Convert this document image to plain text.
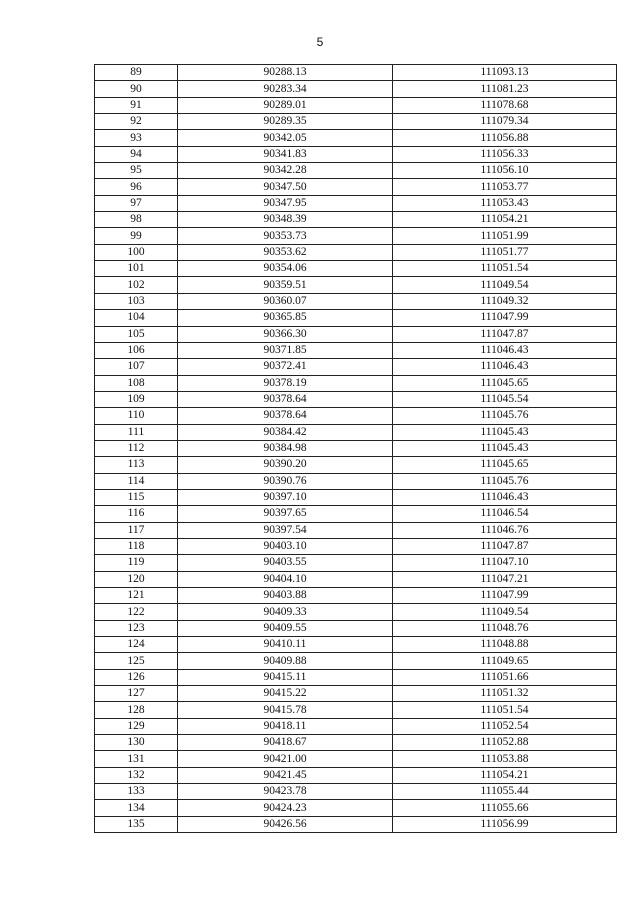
5
89	90288.13	111093.13
90	90283.34	111081.23
91	90289.01	111078.68
92	90289.35	111079.34
93	90342.05	111056.88
94	90341.83	111056.33
95	90342.28	111056.10
96	90347.50	111053.77
97	90347.95	111053.43
98	90348.39	111054.21
99	90353.73	111051.99
100	90353.62	111051.77
101	90354.06	111051.54
102	90359.51	111049.54
103	90360.07	111049.32
104	90365.85	111047.99
105	90366.30	111047.87
106	90371.85	111046.43
107	90372.41	111046.43
108	90378.19	111045.65
109	90378.64	111045.54
110	90378.64	111045.76
111	90384.42	111045.43
112	90384.98	111045.43
113	90390.20	111045.65
114	90390.76	111045.76
115	90397.10	111046.43
116	90397.65	111046.54
117	90397.54	111046.76
118	90403.10	111047.87
119	90403.55	111047.10
120	90404.10	111047.21
121	90403.88	111047.99
122	90409.33	111049.54
123	90409.55	111048.76
124	90410.11	111048.88
125	90409.88	111049.65
126	90415.11	111051.66
127	90415.22	111051.32
128	90415.78	111051.54
129	90418.11	111052.54
130	90418.67	111052.88
131	90421.00	111053.88
132	90421.45	111054.21
133	90423.78	111055.44
134	90424.23	111055.66
135	90426.56	111056.99
